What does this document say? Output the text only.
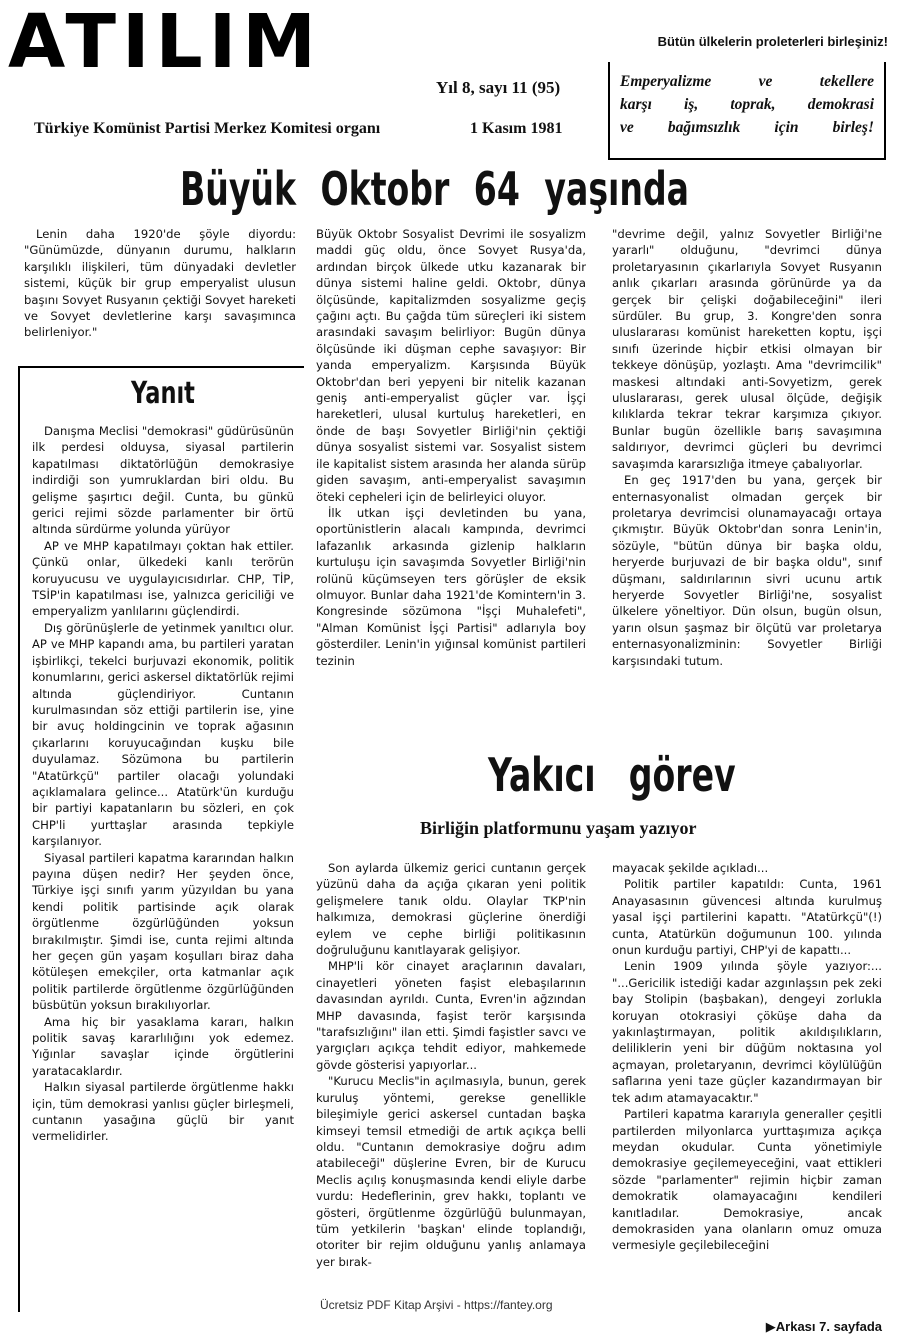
ATILIM	Bütün ülkelerin proleterleri birleşiniz!
Yıl 8, sayı 11 (95)
Türkiye Komünist Partisi Merkez Komitesi organı	1 Kasım 1981
Emperyalizme ve tekellere
karşı iş, toprak, demokrasi
ve bağımsızlık için birleş!
Büyük Oktobr 64 yaşında

Lenin daha 1920'de şöyle diyordu: "Günümüzde, dünyanın durumu, halkların karşılıklı ilişkileri, tüm dünyadaki devletler sistemi, küçük bir grup emperyalist ulusun başını Sovyet Rusyanın çektiği Sovyet hareketi ve Sovyet devletlerine karşı savaşımınca belirleniyor."

Büyük Oktobr Sosyalist Devrimi ile sosyalizm maddi güç oldu, önce Sovyet Rusya'da, ardından birçok ülkede utku kazanarak bir dünya sistemi haline geldi. Oktobr, dünya ölçüsünde, kapitalizmden sosyalizme geçiş çağını açtı. Bu çağda tüm süreçleri iki sistem arasındaki savaşım belirliyor: Bugün dünya ölçüsünde iki düşman cephe savaşıyor: Bir yanda emperyalizm. Karşısında Büyük Oktobr'dan beri yepyeni bir nitelik kazanan geniş anti-emperyalist güçler var. İşçi hareketleri, ulusal kurtuluş hareketleri, en önde de başı Sovyetler Birliği'nin çektiği dünya sosyalist sistemi var. Sosyalist sistem ile kapitalist sistem arasında her alanda sürüp giden savaşım, anti-emperyalist savaşımın öteki cepheleri için de belirleyici oluyor.

İlk utkan işçi devletinden bu yana, oportünistlerin alacalı kampında, devrimci lafazanlık arkasında gizlenip halkların kurtuluşu için savaşımda Sovyetler Birliği'nin rolünü küçümseyen ters görüşler de eksik olmuyor. Bunlar daha 1921'de Komintern'in 3. Kongresinde sözümona "İşçi Muhalefeti", "Alman Komünist İşçi Partisi" adlarıyla boy gösterdiler. Lenin'in yığınsal komünist partileri tezinin

"devrime değil, yalnız Sovyetler Birliği'ne yararlı" olduğunu, "devrimci dünya proletaryasının çıkarlarıyla Sovyet Rusyanın anlık çıkarları arasında görünürde ya da gerçek bir çelişki doğabileceğini" ileri sürdüler. Bu grup, 3. Kongre'den sonra uluslararası komünist hareketten koptu, işçi sınıfı üzerinde hiçbir etkisi olmayan bir tekkeye dönüşüp, yozlaştı. Ama "devrimcilik" maskesi altındaki anti-Sovyetizm, gerek uluslararası, gerek ulusal ölçüde, değişik kılıklarda tekrar tekrar karşımıza çıkıyor. Bunlar bugün özellikle barış savaşımına saldırıyor, devrimci güçleri bu devrimci savaşımda kararsızlığa itmeye çabalıyorlar.

En geç 1917'den bu yana, gerçek bir enternasyonalist olmadan gerçek bir proletarya devrimcisi olunamayacağı ortaya çıkmıştır. Büyük Oktobr'dan sonra Lenin'in, sözüyle, "bütün dünya bir başka oldu, heryerde burjuvazi de bir başka oldu", sınıf düşmanı, saldırılarının sivri ucunu artık heryerde Sovyetler Birliği'ne, sosyalist ülkelere yöneltiyor. Dün olsun, bugün olsun, yarın olsun şaşmaz bir ölçütü var proletarya enternasyonalizminin: Sovyetler Birliği karşısındaki tutum.

Yanıt

Danışma Meclisi "demokrasi" güdürüsünün ilk perdesi olduysa, siyasal partilerin kapatılması diktatörlüğün demokrasiye indirdiği son yumruklardan biri oldu. Bu gelişme şaşırtıcı değil. Cunta, bu günkü gerici rejimi sözde parlamenter bir örtü altında sürdürme yolunda yürüyor

AP ve MHP kapatılmayı çoktan hak ettiler. Çünkü onlar, ülkedeki kanlı terörün koruyucusu ve uygulayıcısıdırlar. CHP, TİP, TSİP'in kapatılması ise, yalnızca gericiliği ve emperyalizm yanlılarını güçlendirdi.

Dış görünüşlerle de yetinmek yanıltıcı olur. AP ve MHP kapandı ama, bu partileri yaratan işbirlikçi, tekelci burjuvazi ekonomik, politik konumlarını, gerici askersel diktatörlük rejimi altında güçlendiriyor. Cuntanın kurulmasından söz ettiği partilerin ise, yine bir avuç holdingcinin ve toprak ağasının çıkarlarını koruyucağından kuşku bile duyulamaz. Sözümona bu partilerin "Atatürkçü" partiler olacağı yolundaki açıklamalara gelince... Atatürk'ün kurduğu bir partiyi kapatanların bu sözleri, en çok CHP'li yurttaşlar arasında tepkiyle karşılanıyor.

Siyasal partileri kapatma kararından halkın payına düşen nedir? Her şeyden önce, Türkiye işçi sınıfı yarım yüzyıldan bu yana kendi politik partisinde açık olarak örgütlenme özgürlüğünden yoksun bırakılmıştır. Şimdi ise, cunta rejimi altında her geçen gün yaşam koşulları biraz daha kötüleşen emekçiler, orta katmanlar açık politik partilerde örgütlenme özgürlüğünden büsbütün yoksun bırakılıyorlar.

Ama hiç bir yasaklama kararı, halkın politik savaş kararlılığını yok edemez. Yığınlar savaşlar içinde örgütlerini yaratacaklardır.

Halkın siyasal partilerde örgütlenme hakkı için, tüm demokrasi yanlısı güçler birleşmeli, cuntanın yasağına güçlü bir yanıt vermelidirler.

Yakıcı görev
Birliğin platformunu yaşam yazıyor

Son aylarda ülkemiz gerici cuntanın gerçek yüzünü daha da açığa çıkaran yeni politik gelişmelere tanık oldu. Olaylar TKP'nin halkımıza, demokrasi güçlerine önerdiği eylem ve cephe birliği politikasının doğruluğunu kanıtlayarak gelişiyor.

MHP'li kör cinayet araçlarının davaları, cinayetleri yöneten faşist elebaşılarının davasından ayrıldı. Cunta, Evren'in ağzından MHP davasında, faşist terör karşısında "tarafsızlığını" ilan etti. Şimdi faşistler savcı ve yargıçları açıkça tehdit ediyor, mahkemede gövde gösterisi yapıyorlar...

"Kurucu Meclis"in açılmasıyla, bunun, gerek kuruluş yöntemi, gerekse genellikle bileşimiyle gerici askersel cuntadan başka kimseyi temsil etmediği de artık açıkça belli oldu. "Cuntanın demokrasiye doğru adım atabileceği" düşlerine Evren, bir de Kurucu Meclis açılış konuşmasında kendi eliyle darbe vurdu: Hedeflerinin, grev hakkı, toplantı ve gösteri, örgütlenme özgürlüğü bulunmayan, tüm yetkilerin 'başkan' elinde toplandığı, otoriter bir rejim olduğunu yanlış anlamaya yer bırak-

mayacak şekilde açıkladı...

Politik partiler kapatıldı: Cunta, 1961 Anayasasının güvencesi altında kurulmuş yasal işçi partilerini kapattı. "Atatürkçü"(!) cunta, Atatürkün doğumunun 100. yılında onun kurduğu partiyi, CHP'yi de kapattı...

Lenin 1909 yılında şöyle yazıyor:... "...Gericilik istediği kadar azgınlaşsın pek zeki bay Stolipin (başbakan), dengeyi zorlukla koruyan otokrasiyi çöküşe daha da yakınlaştırmayan, politik akıldışılıkların, deliliklerin yeni bir düğüm noktasına yol açmayan, proletaryanın, devrimci köylülüğün saflarına yeni taze güçler kazandırmayan bir tek adım atamayacaktır."

Partileri kapatma kararıyla generaller çeşitli partilerden milyonlarca yurttaşımıza açıkça meydan okudular. Cunta yönetimiyle demokrasiye geçilemeyeceğini, vaat ettikleri sözde "parlamenter" rejimin hiçbir zaman demokratik olamayacağını kendileri kanıtladılar. Demokrasiye, ancak demokrasiden yana olanların omuz omuza vermesiyle geçilebileceğini

▶Arkası 7. sayfada
Ücretsiz PDF Kitap Arşivi - https://fantey.org
